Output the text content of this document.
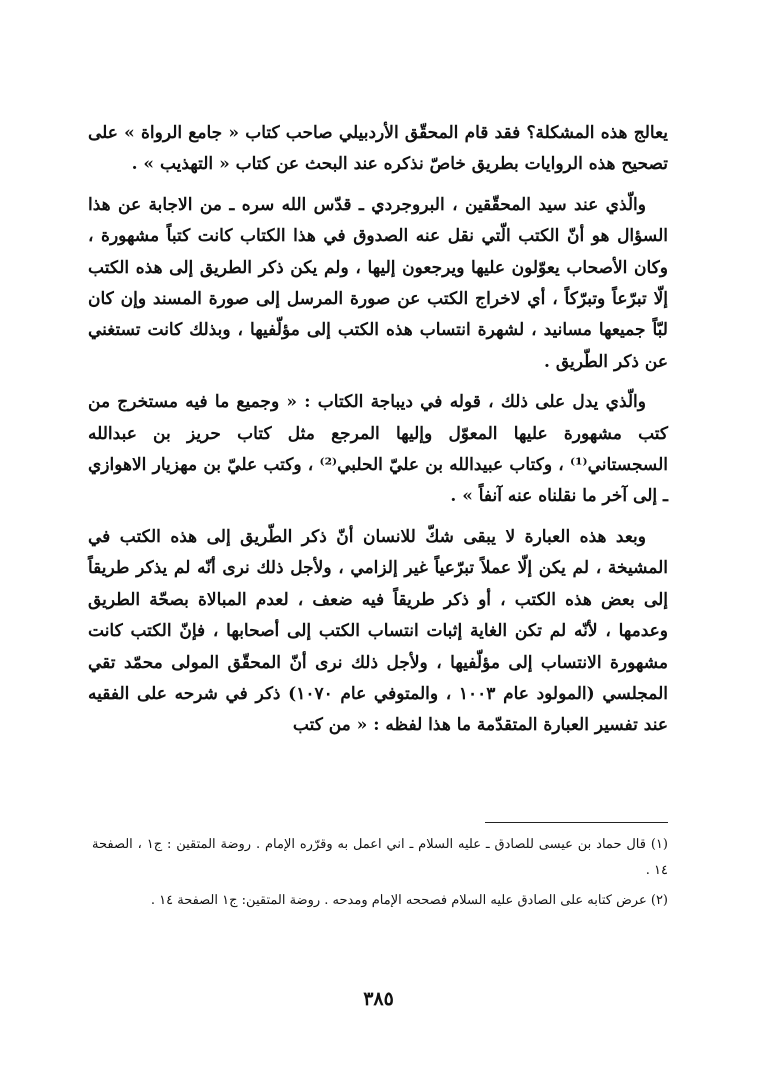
يعالج هذه المشكلة؟ فقد قام المحقّق الأردبيلي صاحب كتاب « جامع الرواة » على تصحيح هذه الروايات بطريق خاصّ نذكره عند البحث عن كتاب « التهذيب » .

والّذي عند سيد المحقّقين ، البروجردي ـ قدّس الله سره ـ من الاجابة عن هذا السؤال هو أنّ الكتب الّتي نقل عنه الصدوق في هذا الكتاب كانت كتباً مشهورة ، وكان الأصحاب يعوّلون عليها ويرجعون إليها ، ولم يكن ذكر الطريق إلى هذه الكتب إلّا تبرّعاً وتبرّكاً ، أي لاخراج الكتب عن صورة المرسل إلى صورة المسند وإن كان لبّاً جميعها مسانيد ، لشهرة انتساب هذه الكتب إلى مؤلّفيها ، وبذلك كانت تستغني عن ذكر الطّريق .

والّذي يدل على ذلك ، قوله في ديباجة الكتاب : « وجميع ما فيه مستخرج من كتب مشهورة عليها المعوّل وإليها المرجع مثل كتاب حريز بن عبدالله السجستاني⁽¹⁾ ، وكتاب عبيدالله بن عليّ الحلبي⁽²⁾ ، وكتب عليّ بن مهزيار الاهوازي ـ إلى آخر ما نقلناه عنه آنفاً » .

وبعد هذه العبارة لا يبقى شكّ للانسان أنّ ذكر الطّريق إلى هذه الكتب في المشيخة ، لم يكن إلّا عملاً تبرّعياً غير إلزامي ، ولأجل ذلك نرى أنّه لم يذكر طريقاً إلى بعض هذه الكتب ، أو ذكر طريقاً فيه ضعف ، لعدم المبالاة بصحّة الطريق وعدمها ، لأنّه لم تكن الغاية إثبات انتساب الكتب إلى أصحابها ، فإنّ الكتب كانت مشهورة الانتساب إلى مؤلّفيها ، ولأجل ذلك نرى أنّ المحقّق المولى محمّد تقي المجلسي (المولود عام ١٠٠٣ ، والمتوفي عام ١٠٧٠) ذكر في شرحه على الفقيه عند تفسير العبارة المتقدّمة ما هذا لفظه : « من كتب

(١) قال حماد بن عيسى للصادق ـ عليه السلام ـ اني اعمل به وقرّره الإمام . روضة المتقين : ج١ ، الصفحة ١٤ .

(٢) عرض كتابه على الصادق عليه السلام فصححه الإمام ومدحه . روضة المتقين: ج١ الصفحة ١٤ .

٣٨٥
